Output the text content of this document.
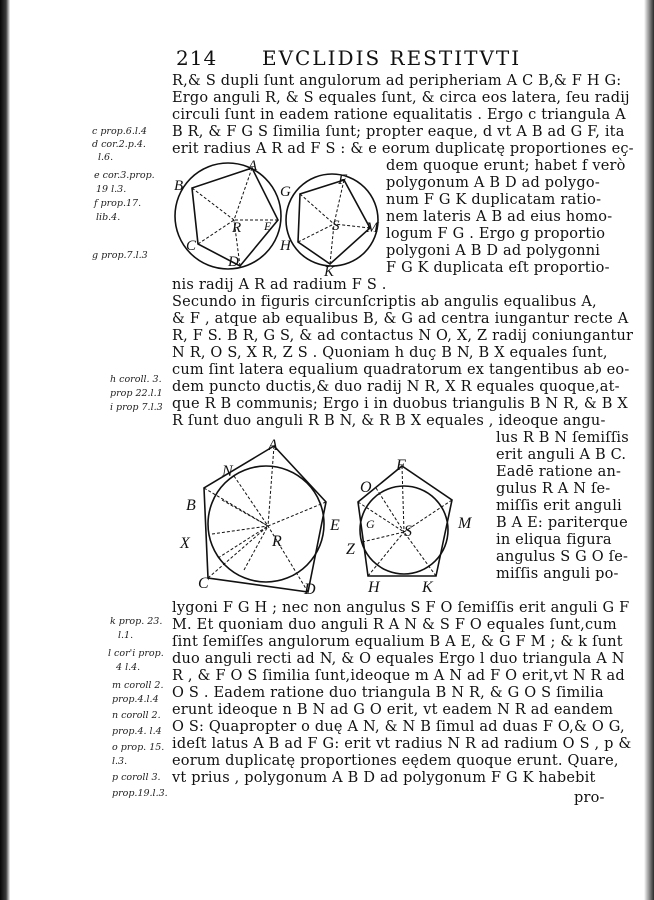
214 EVCLIDIS RESTITVTI
R,& S dupli ſunt angulorum ad peripheriam A C B,& F H G:
Ergo anguli R, & S equales ſunt, & circa eos latera, ſeu radij
circuli ſunt in eadem ratione equalitatis . Ergo c triangula A
B R, & F G S ſimilia ſunt; propter eaque, d vt A B ad G F, ita
erit radius A R ad F S : & e eorum duplicatę proportiones eç-
dem quoque erunt; habet f verò
polygonum A B D ad polygo-
num F G K duplicatam ratio-
nem lateris A B ad eius homo-
logum F G . Ergo g proportio
polygoni A B D ad polygonni
F G K duplicata eſt proportio-
A
B
R E
C
D
G
F
S M
H
K
nis radij A R ad radium F S .
Secundo in figuris circunſcriptis ab angulis equalibus A,
& F , atque ab equalibus B, & G ad centra iungantur recte A
R, F S. B R, G S, & ad contactus N O, X, Z radij coniungantur
N R, O S, X R, Z S . Quoniam h duç B N, B X equales ſunt,
cum ſint latera equalium quadratorum ex tangentibus ab eo-
dem puncto ductis,& duo radij N R, X R equales quoque,at-
que R B communis; Ergo i in duobus triangulis B N R, & B X
R ſunt duo anguli R B N, & R B X equales , ideoque angu-
lus R B N ſemiſſis
erit anguli A B C.
Eadē ratione an-
gulus R A N ſe-
miſſis erit anguli
B A E: pariterque
in eliqua figura
angulus S G O ſe-
miſſis anguli po-
A
N
B
R
E
X
C	D
F
O
G S	M
Z
H	K
lygoni F G H ; nec non angulus S F O ſemiſſis erit anguli G F
M. Et quoniam duo anguli R A N & S F O equales ſunt,cum
ſint ſemiſſes angulorum equalium B A E, & G F M ; & k ſunt
duo anguli recti ad N, & O equales Ergo l duo triangula A N
R , & F O S ſimilia ſunt,ideoque m A N ad F O erit,vt N R ad
O S . Eadem ratione duo triangula B N R, & G O S ſimilia
erunt ideoque n B N ad G O erit, vt eadem N R ad eandem
O S: Quapropter o duę A N, & N B ſimul ad duas F O,& O G,
ideſt latus A B ad F G: erit vt radius N R ad radium O S , p &
eorum duplicatę proportiones eędem quoque erunt. Quare,
vt prius , polygonum A B D ad polygonum F G K habebit
pro-
c prop.6.l.4
d cor.2.p.4.
l.6.
e cor.3.prop.
19 l.3.
f prop.17.
lib.4.
g prop.7.l.3
h coroll. 3.
prop 22.l.1
i prop 7.l.3
k prop. 23.
l.1.
l cor'i prop.
4 l.4.
m coroll 2.
prop.4.l.4
n coroll 2.
prop.4. l.4
o prop. 15.
l.3.
p coroll 3.
prop.19.l.3.
